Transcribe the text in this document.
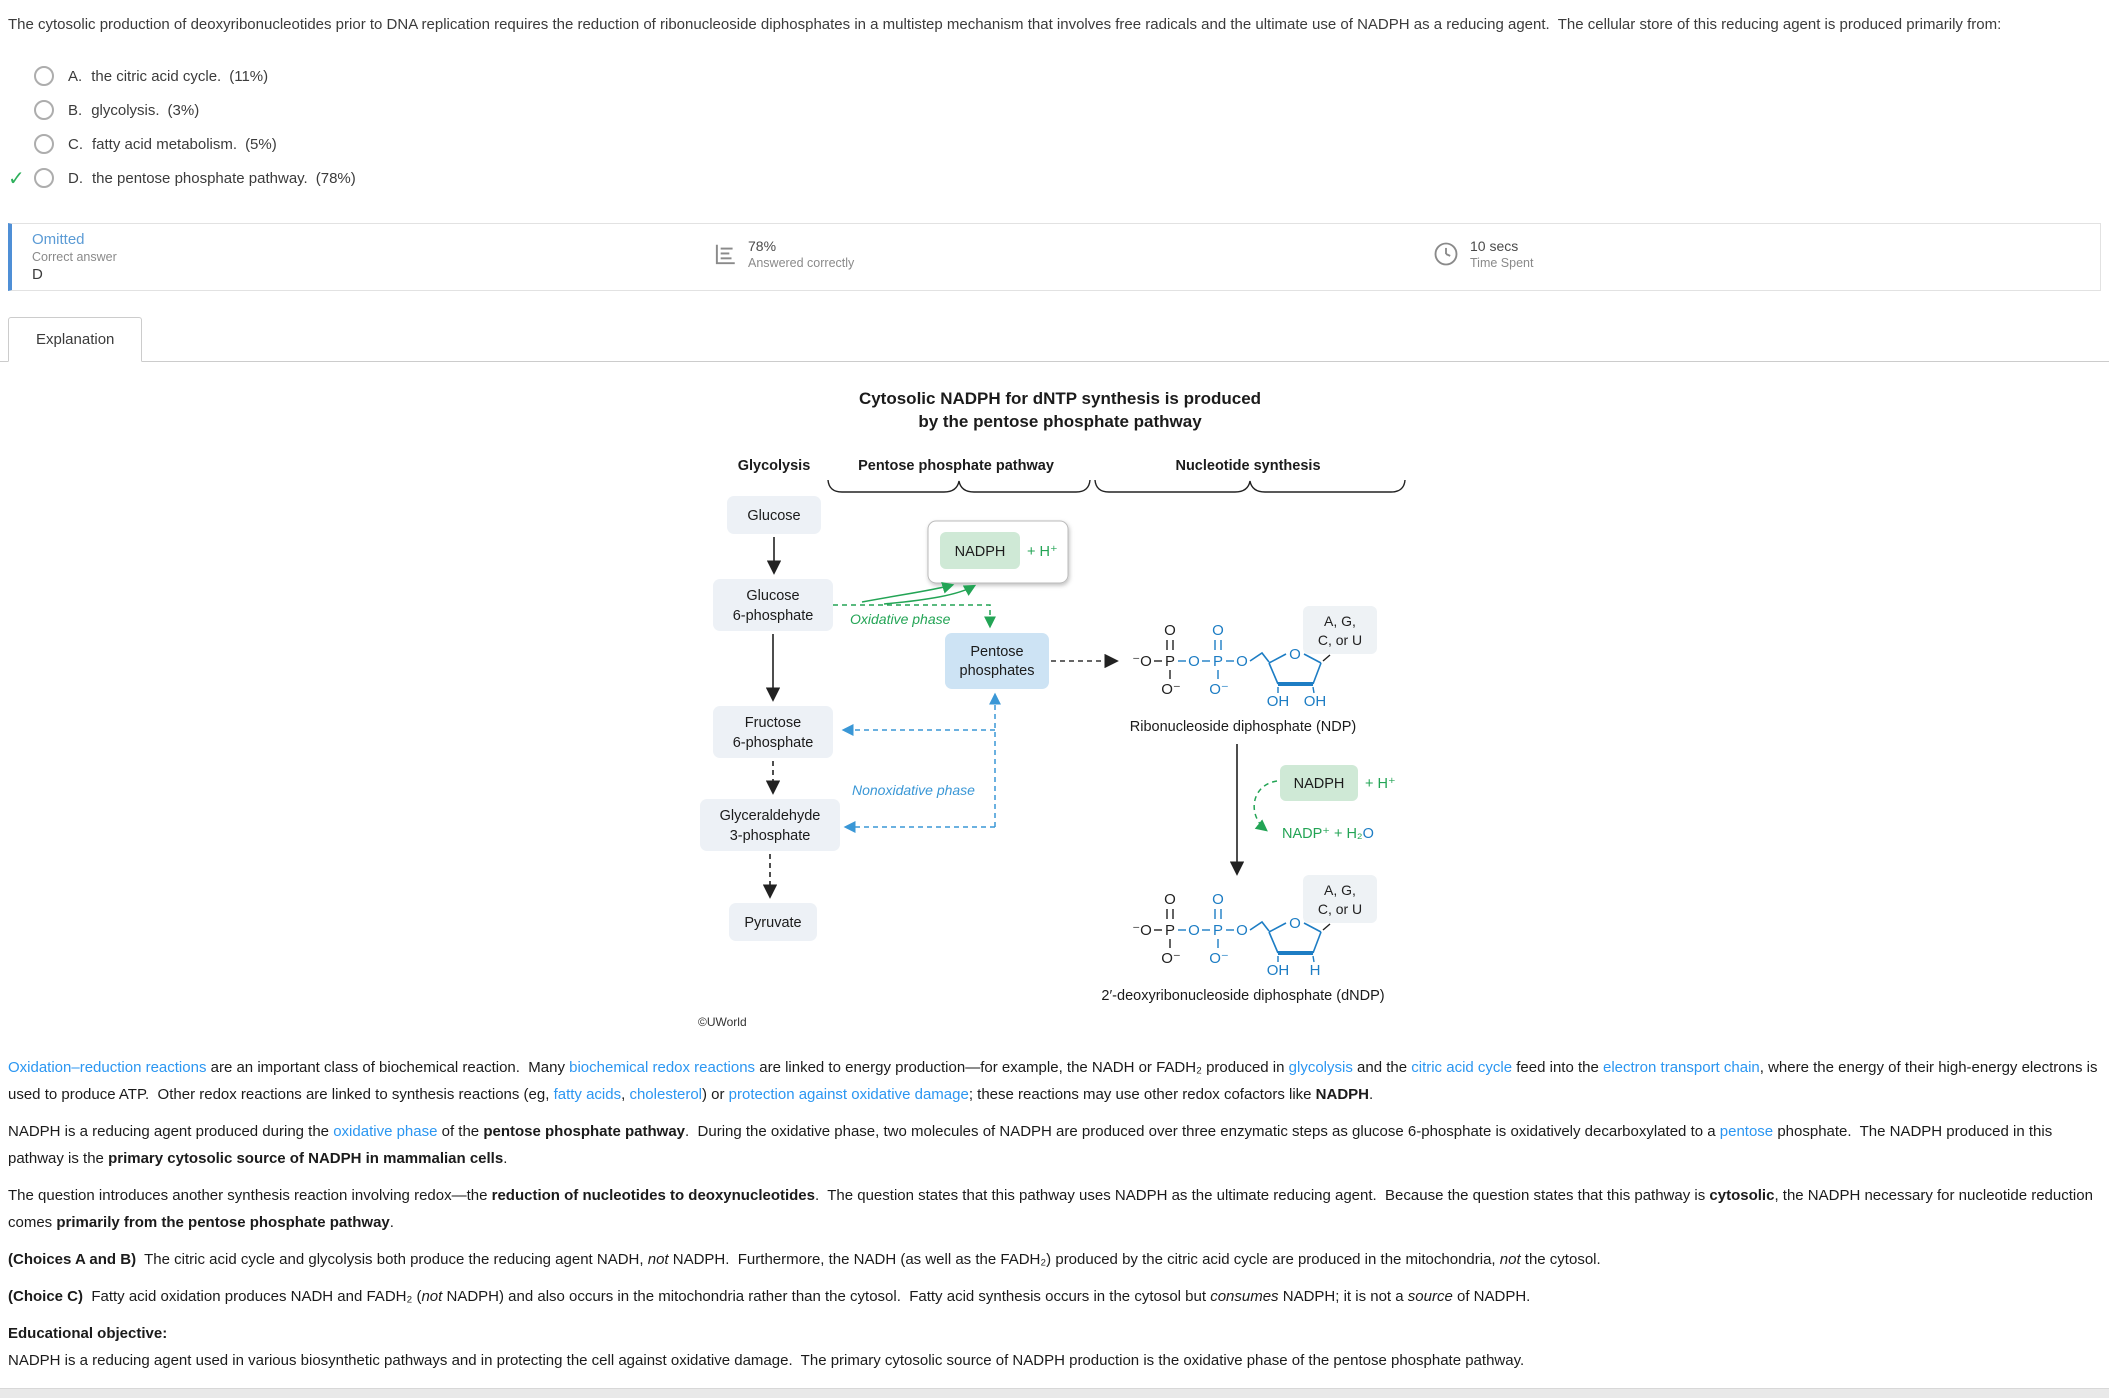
The cytosolic production of deoxyribonucleotides prior to DNA replication requires the reduction of ribonucleoside diphosphates in a multistep mechanism that involves free radicals and the ultimate use of NADPH as a reducing agent.  The cellular store of this reducing agent is produced primarily from:
A. the citric acid cycle. (11%)
B. glycolysis. (3%)
C. fatty acid metabolism. (5%)
✓	D. the pentose phosphate pathway. (78%)
Omitted
Correct answer
D
78%
Answered correctly
10 secs
Time Spent
Explanation
Cytosolic NADPH for dNTP synthesis is produced
by the pentose phosphate pathway
Glycolysis	Pentose phosphate pathway	Nucleotide synthesis
Glucose
Glucose
6-phosphate
Fructose
6-phosphate
Glyceraldehyde
3-phosphate
Pyruvate
NADPH + H⁺
Oxidative phase
Pentose
phosphates
Nonoxidative phase
⁻O P O P O
O
O⁻
O
O⁻
O
OH OH
A, G,
C, or U
Ribonucleoside diphosphate (NDP)
NADPH + H⁺
NADP⁺ + H₂O
⁻O P O P O
O
O⁻
O
O⁻
O
OH H
A, G,
C, or U
2′-deoxyribonucleoside diphosphate (dNDP)
©UWorld
Oxidation–reduction reactions are an important class of biochemical reaction.  Many biochemical redox reactions are linked to energy production—for example, the NADH or FADH₂ produced in glycolysis and the citric acid cycle feed into the electron transport chain, where the energy of their high-energy electrons is used to produce ATP.  Other redox reactions are linked to synthesis reactions (eg, fatty acids, cholesterol) or protection against oxidative damage; these reactions may use other redox cofactors like NADPH.
NADPH is a reducing agent produced during the oxidative phase of the pentose phosphate pathway.  During the oxidative phase, two molecules of NADPH are produced over three enzymatic steps as glucose 6-phosphate is oxidatively decarboxylated to a pentose phosphate.  The NADPH produced in this pathway is the primary cytosolic source of NADPH in mammalian cells.
The question introduces another synthesis reaction involving redox—the reduction of nucleotides to deoxynucleotides.  The question states that this pathway uses NADPH as the ultimate reducing agent.  Because the question states that this pathway is cytosolic, the NADPH necessary for nucleotide reduction comes primarily from the pentose phosphate pathway.
(Choices A and B)  The citric acid cycle and glycolysis both produce the reducing agent NADH, not NADPH.  Furthermore, the NADH (as well as the FADH₂) produced by the citric acid cycle are produced in the mitochondria, not the cytosol.
(Choice C)  Fatty acid oxidation produces NADH and FADH₂ (not NADPH) and also occurs in the mitochondria rather than the cytosol.  Fatty acid synthesis occurs in the cytosol but consumes NADPH; it is not a source of NADPH.
Educational objective:
NADPH is a reducing agent used in various biosynthetic pathways and in protecting the cell against oxidative damage.  The primary cytosolic source of NADPH production is the oxidative phase of the pentose phosphate pathway.
